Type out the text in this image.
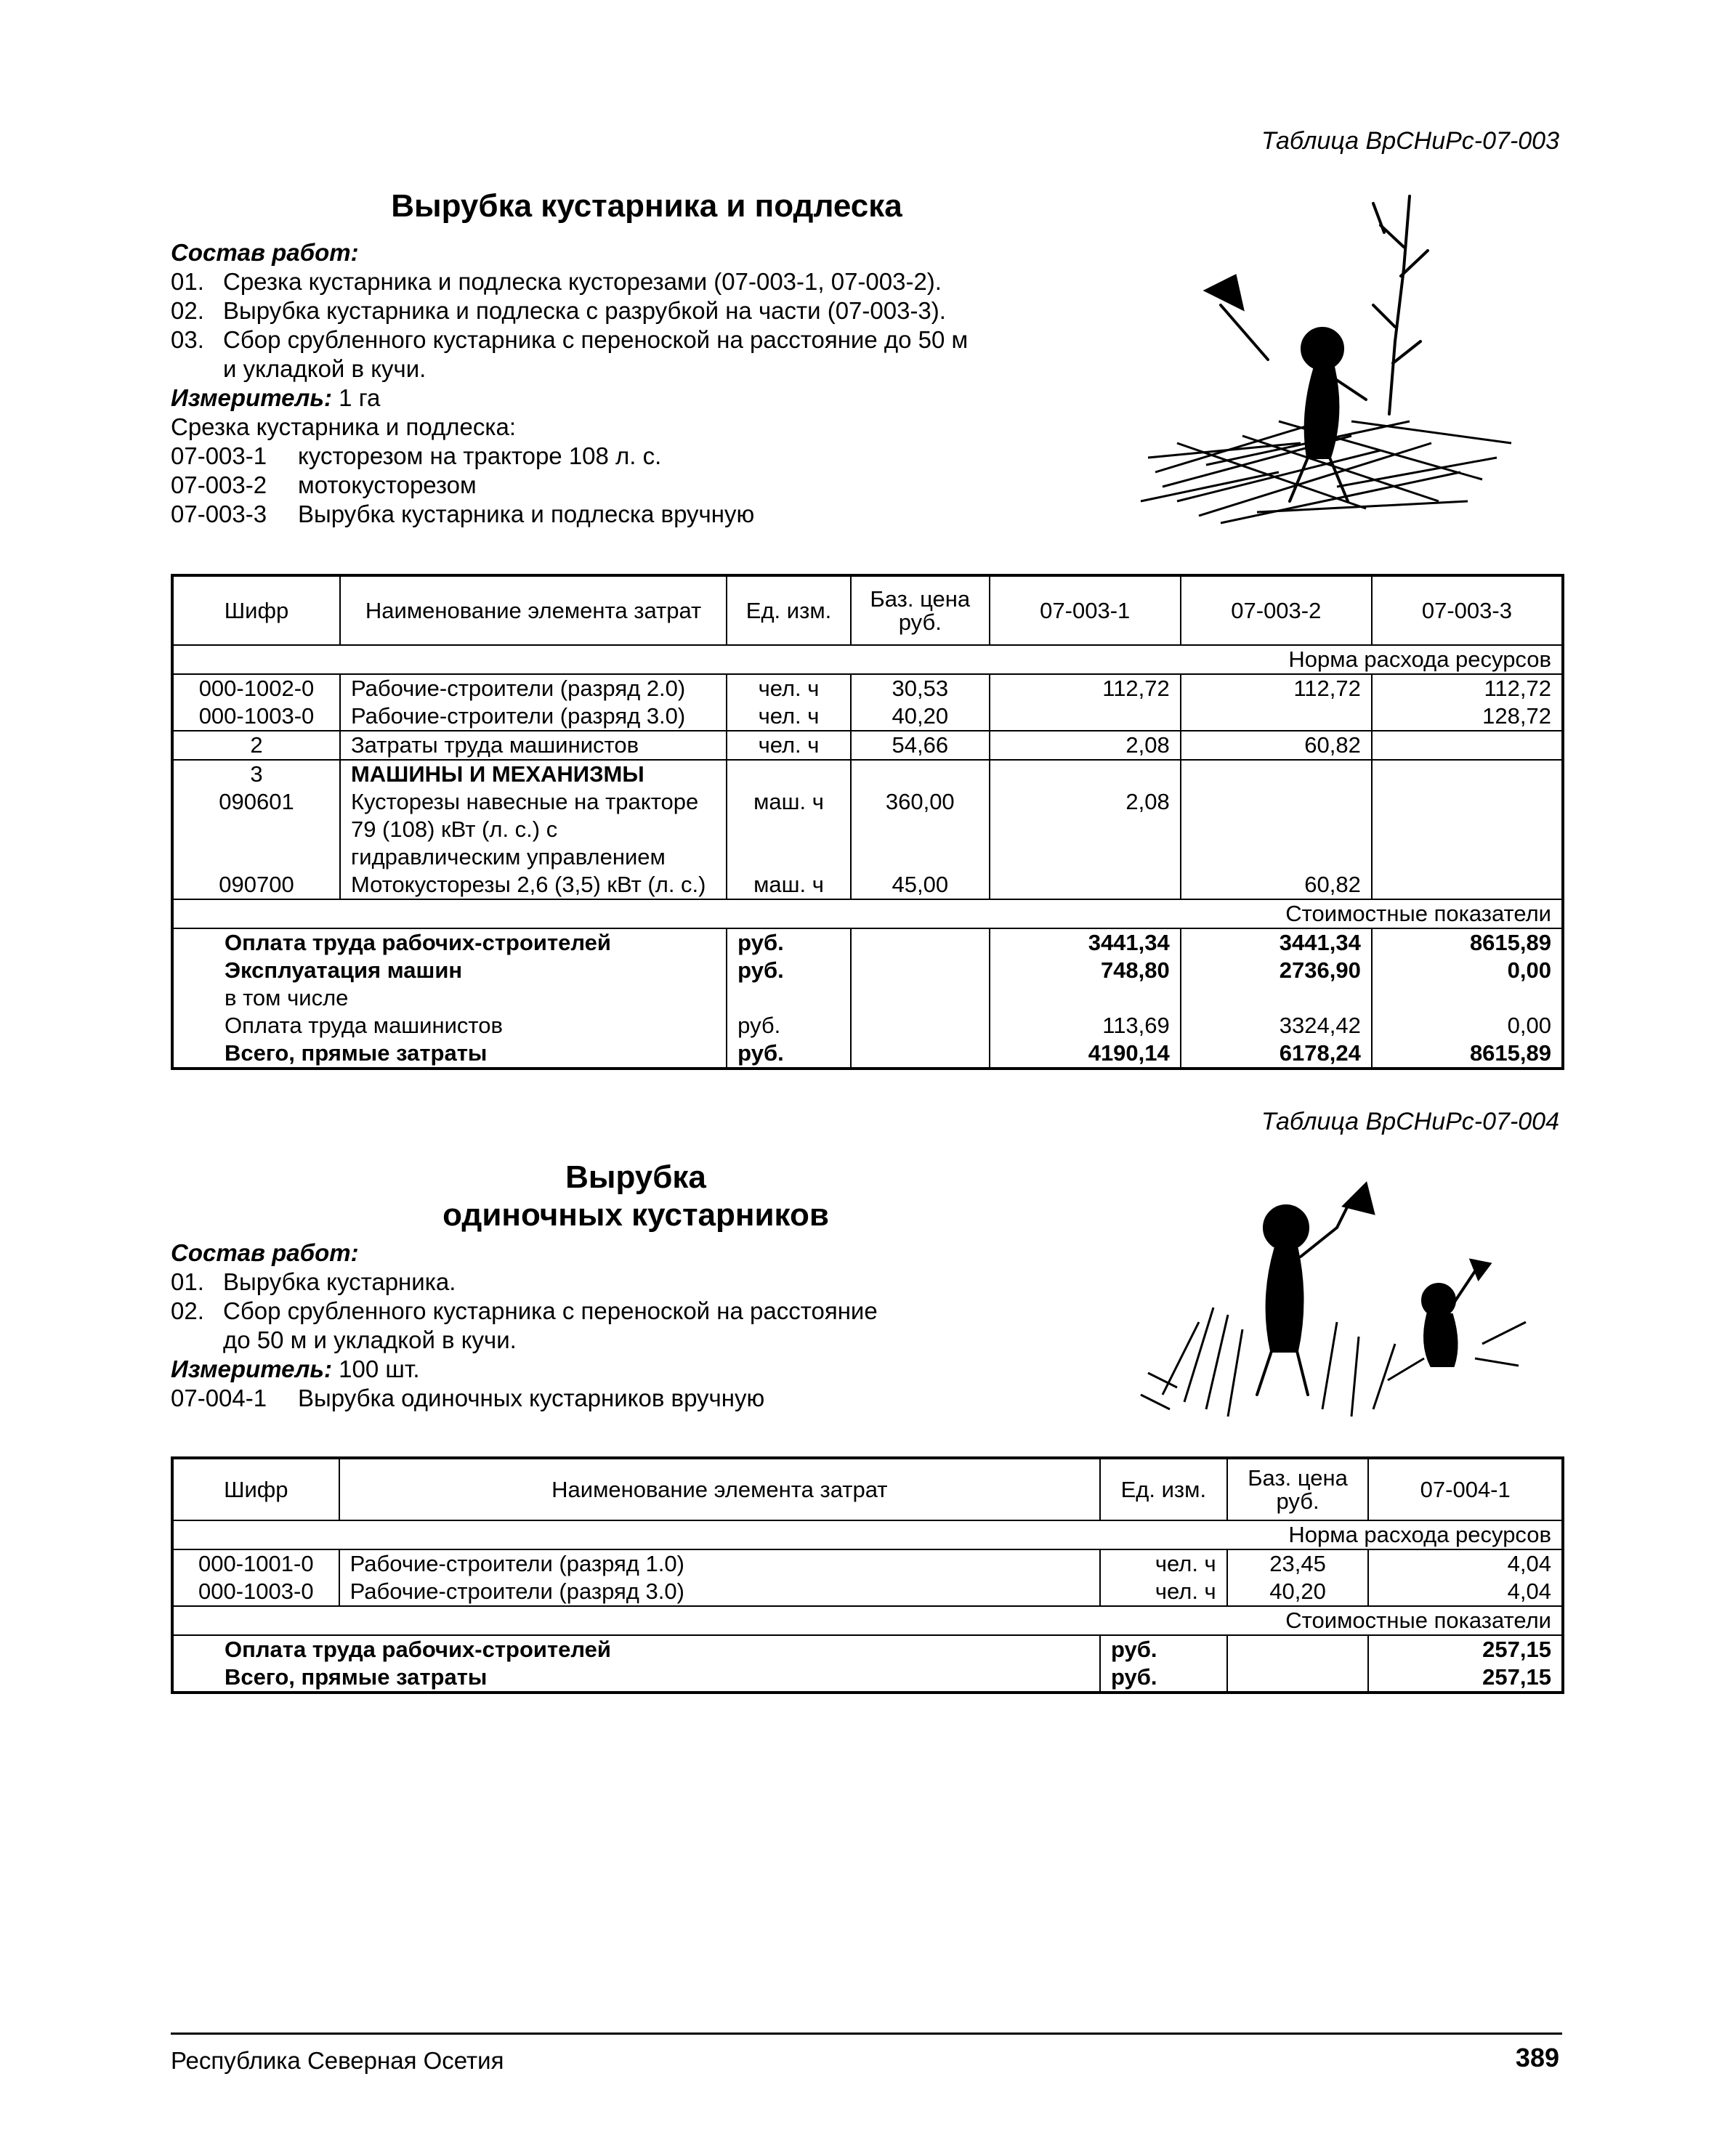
Таблица ВрСНиРс-07-003
Вырубка кустарника и подлеска
Состав работ:
01. Срезка кустарника и подлеска кусторезами (07-003-1, 07-003-2).
02. Вырубка кустарника и подлеска с разрубкой на части (07-003-3).
03. Сбор срубленного кустарника с переноской на расстояние до 50 м
и укладкой в кучи.
Измеритель: 1 га
Срезка кустарника и подлеска:
07-003-1	кусторезом на тракторе 108 л. с.
07-003-2	мотокусторезом
07-003-3	Вырубка кустарника и подлеска вручную
Шифр	Наименование элемента затрат	Ед. изм.	Баз. цена руб.	07-003-1	07-003-2	07-003-3
Норма расхода ресурсов						
000-1002-0	Рабочие-строители (разряд 2.0)	чел. ч	30,53	112,72	112,72	112,72
000-1003-0	Рабочие-строители (разряд 3.0)	чел. ч	40,20			128,72
2	Затраты труда машинистов	чел. ч	54,66	2,08	60,82	
3	МАШИНЫ И МЕХАНИЗМЫ					
090601	Кусторезы навесные на тракторе 79 (108) кВт (л. с.) с гидравлическим управлением	маш. ч	360,00	2,08		
090700	Мотокусторезы 2,6 (3,5) кВт (л. с.)	маш. ч	45,00		60,82	
Стоимостные показатели						
Оплата труда рабочих-строителей		руб.		3441,34	3441,34	8615,89
Эксплуатация машин		руб.		748,80	2736,90	0,00
в том числе						
Оплата труда машинистов		руб.		113,69	3324,42	0,00
Всего, прямые затраты		руб.		4190,14	6178,24	8615,89
Таблица ВрСНиРс-07-004
Вырубка
одиночных кустарников
Состав работ:
01. Вырубка кустарника.
02. Сбор срубленного кустарника с переноской на расстояние
до 50 м и укладкой в кучи.
Измеритель: 100 шт.
07-004-1	Вырубка одиночных кустарников вручную
Шифр	Наименование элемента затрат	Ед. изм.	Баз. цена руб.	07-004-1
Норма расхода ресурсов				
000-1001-0	Рабочие-строители (разряд 1.0)	чел. ч	23,45	4,04
000-1003-0	Рабочие-строители (разряд 3.0)	чел. ч	40,20	4,04
Стоимостные показатели				
Оплата труда рабочих-строителей		руб.		257,15
Всего, прямые затраты		руб.		257,15
Республика Северная Осетия	389
